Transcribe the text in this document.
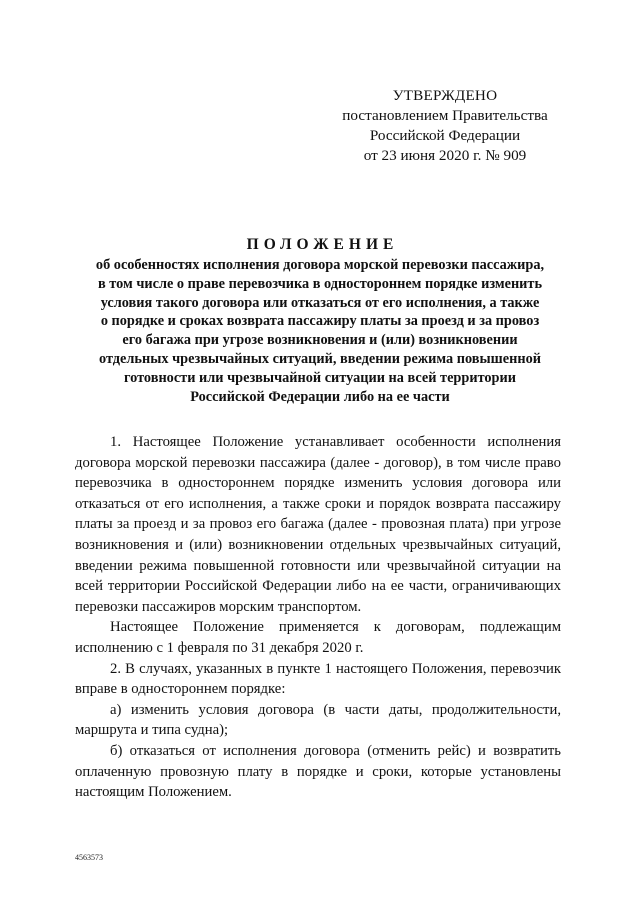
УТВЕРЖДЕНО
постановлением Правительства
Российской Федерации
от 23 июня 2020 г. № 909
ПОЛОЖЕНИЕ
об особенностях исполнения договора морской перевозки пассажира,
в том числе о праве перевозчика в одностороннем порядке изменить
условия такого договора или отказаться от его исполнения, а также
о порядке и сроках возврата пассажиру платы за проезд и за провоз
его багажа при угрозе возникновения и (или) возникновении
отдельных чрезвычайных ситуаций, введении режима повышенной
готовности или чрезвычайной ситуации на всей территории
Российской Федерации либо на ее части

1. Настоящее Положение устанавливает особенности исполнения договора морской перевозки пассажира (далее - договор), в том числе право перевозчика в одностороннем порядке изменить условия договора или отказаться от его исполнения, а также сроки и порядок возврата пассажиру платы за проезд и за провоз его багажа (далее - провозная плата) при угрозе возникновения и (или) возникновении отдельных чрезвычайных ситуаций, введении режима повышенной готовности или чрезвычайной ситуации на всей территории Российской Федерации либо на ее части, ограничивающих перевозки пассажиров морским транспортом.

Настоящее Положение применяется к договорам, подлежащим исполнению с 1 февраля по 31 декабря 2020 г.

2. В случаях, указанных в пункте 1 настоящего Положения, перевозчик вправе в одностороннем порядке:

а) изменить условия договора (в части даты, продолжительности, маршрута и типа судна);

б) отказаться от исполнения договора (отменить рейс) и возвратить оплаченную провозную плату в порядке и сроки, которые установлены настоящим Положением.

4563573
